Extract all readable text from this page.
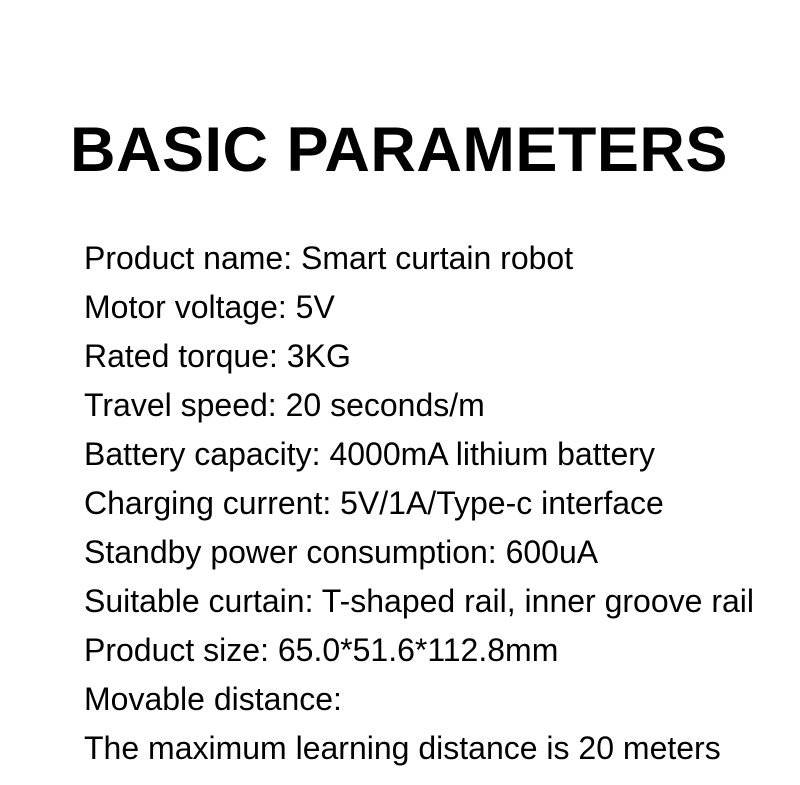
BASIC PARAMETERS
Product name: Smart curtain robot
Motor voltage: 5V
Rated torque: 3KG
Travel speed: 20 seconds/m
Battery capacity: 4000mA lithium battery
Charging current: 5V/1A/Type-c interface
Standby power consumption: 600uA
Suitable curtain: T-shaped rail, inner groove rail
Product size: 65.0*51.6*112.8mm
Movable distance:
The maximum learning distance is 20 meters
